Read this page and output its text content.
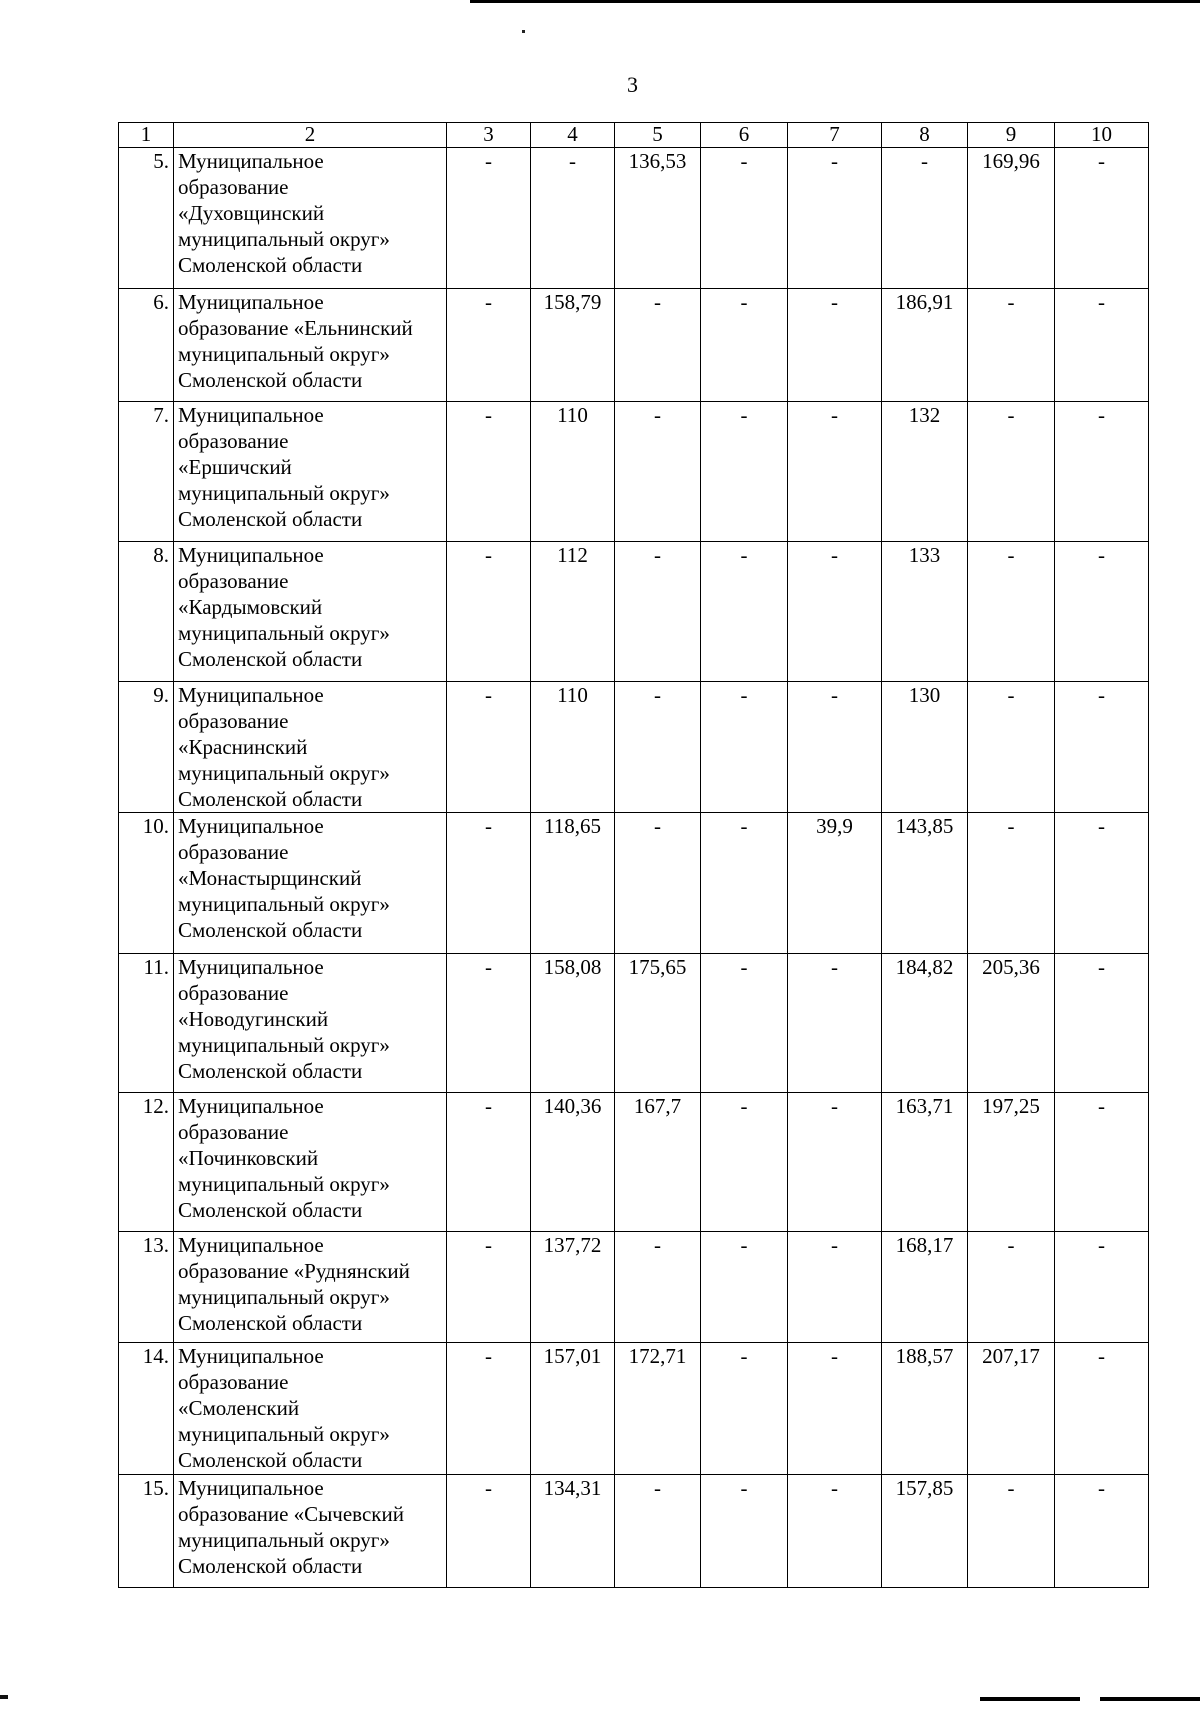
3
1	2	3	4	5	6	7	8	9	10
5.	Муниципальное
образование
«Духовщинский
муниципальный округ»
Смоленской области	-	-	136,53	-	-	-	169,96	-
6.	Муниципальное
образование «Ельнинский
муниципальный округ»
Смоленской области	-	158,79	-	-	-	186,91	-	-
7.	Муниципальное
образование
«Ершичский
муниципальный округ»
Смоленской области	-	110	-	-	-	132	-	-
8.	Муниципальное
образование
«Кардымовский
муниципальный округ»
Смоленской области	-	112	-	-	-	133	-	-
9.	Муниципальное
образование
«Краснинский
муниципальный округ»
Смоленской области	-	110	-	-	-	130	-	-
10.	Муниципальное
образование
«Монастырщинский
муниципальный округ»
Смоленской области	-	118,65	-	-	39,9	143,85	-	-
11.	Муниципальное
образование
«Новодугинский
муниципальный округ»
Смоленской области	-	158,08	175,65	-	-	184,82	205,36	-
12.	Муниципальное
образование
«Починковский
муниципальный округ»
Смоленской области	-	140,36	167,7	-	-	163,71	197,25	-
13.	Муниципальное
образование «Руднянский
муниципальный округ»
Смоленской области	-	137,72	-	-	-	168,17	-	-
14.	Муниципальное
образование
«Смоленский
муниципальный округ»
Смоленской области	-	157,01	172,71	-	-	188,57	207,17	-
15.	Муниципальное
образование «Сычевский
муниципальный округ»
Смоленской области	-	134,31	-	-	-	157,85	-	-
